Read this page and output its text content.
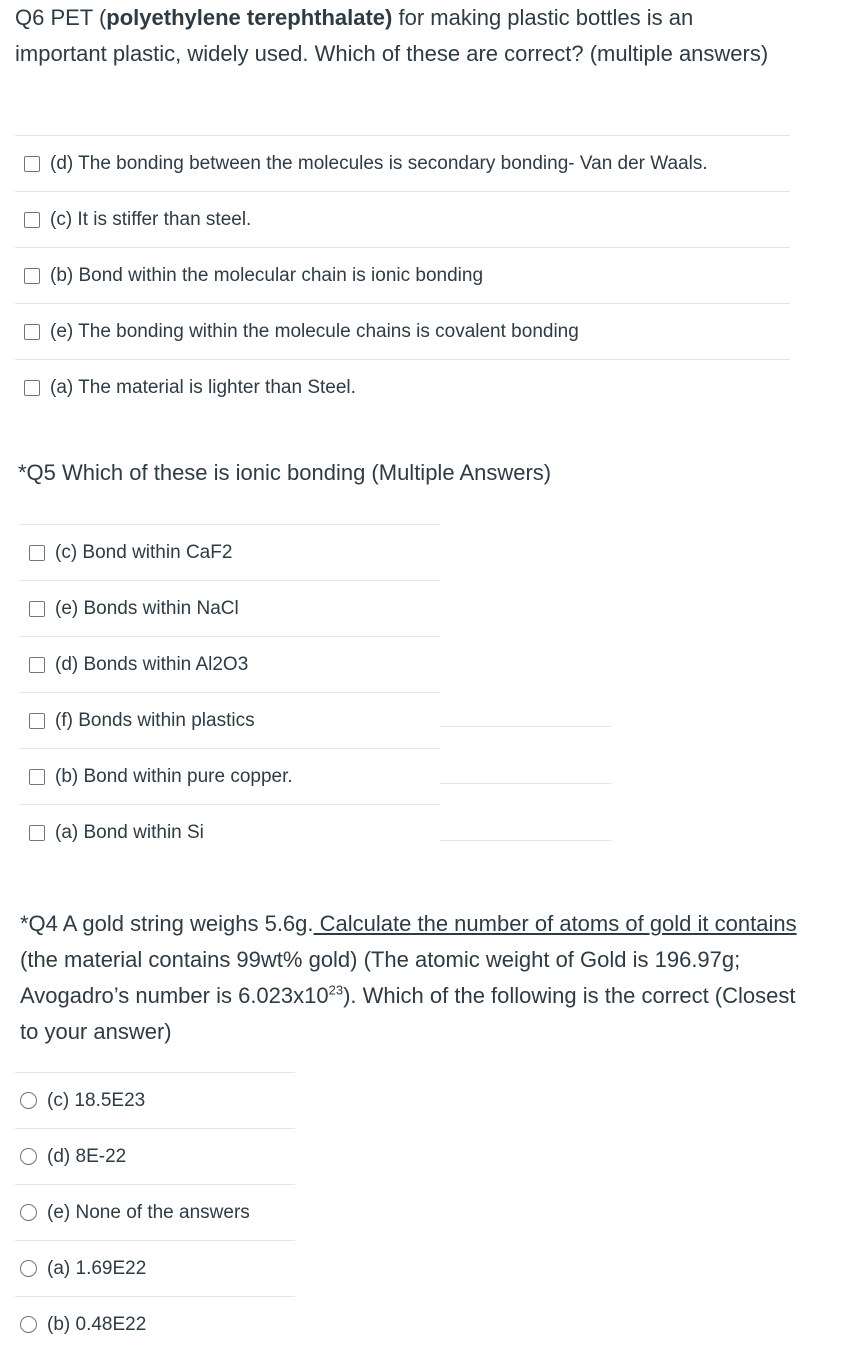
Q6 PET (polyethylene terephthalate) for making plastic bottles is an important plastic, widely used. Which of these are correct? (multiple answers)
(d) The bonding between the molecules is secondary bonding- Van der Waals.
(c) It is stiffer than steel.
(b) Bond within the molecular chain is ionic bonding
(e) The bonding within the molecule chains is covalent bonding
(a) The material is lighter than Steel.
*Q5 Which of these is ionic bonding (Multiple Answers)
(c) Bond within CaF2
(e) Bonds within NaCl
(d) Bonds within Al2O3
(f) Bonds within plastics
(b) Bond within pure copper.
(a) Bond within Si
*Q4 A gold string weighs 5.6g. Calculate the number of atoms of gold it contains (the material contains 99wt% gold) (The atomic weight of Gold is 196.97g; Avogadro’s number is $6.023x10^{23}$). Which of the following is the correct (Closest to your answer)
(c) 18.5E23
(d) 8E-22
(e) None of the answers
(a) 1.69E22
(b) 0.48E22
